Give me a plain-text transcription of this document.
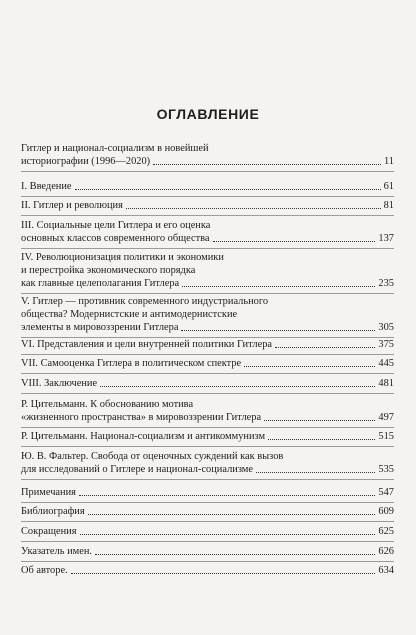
ОГЛАВЛЕНИЕ
Гитлер и национал-социализм в новейшей
историографии (1996—2020)	11
I. Введение	61
II. Гитлер и революция	81
III. Социальные цели Гитлера и его оценка
основных классов современного общества	137
IV. Революционизация политики и экономики
и перестройка экономического порядка
как главные целеполагания Гитлера	235
V. Гитлер — противник современного индустриального
общества? Модернистские и антимодернистские
элементы в мировоззрении Гитлера	305
VI. Представления и цели внутренней политики Гитлера	375
VII. Самооценка Гитлера в политическом спектре	445
VIII. Заключение	481
Р. Цительманн. К обоснованию мотива
«жизненного пространства» в мировоззрении Гитлера	497
Р. Цительманн. Национал-социализм и антикоммунизм	515
Ю. В. Фальтер. Свобода от оценочных суждений как вызов
для исследований о Гитлере и национал-социализме	535
Примечания	547
Библиография	609
Сокращения	625
Указатель имен.	626
Об авторе.	634
